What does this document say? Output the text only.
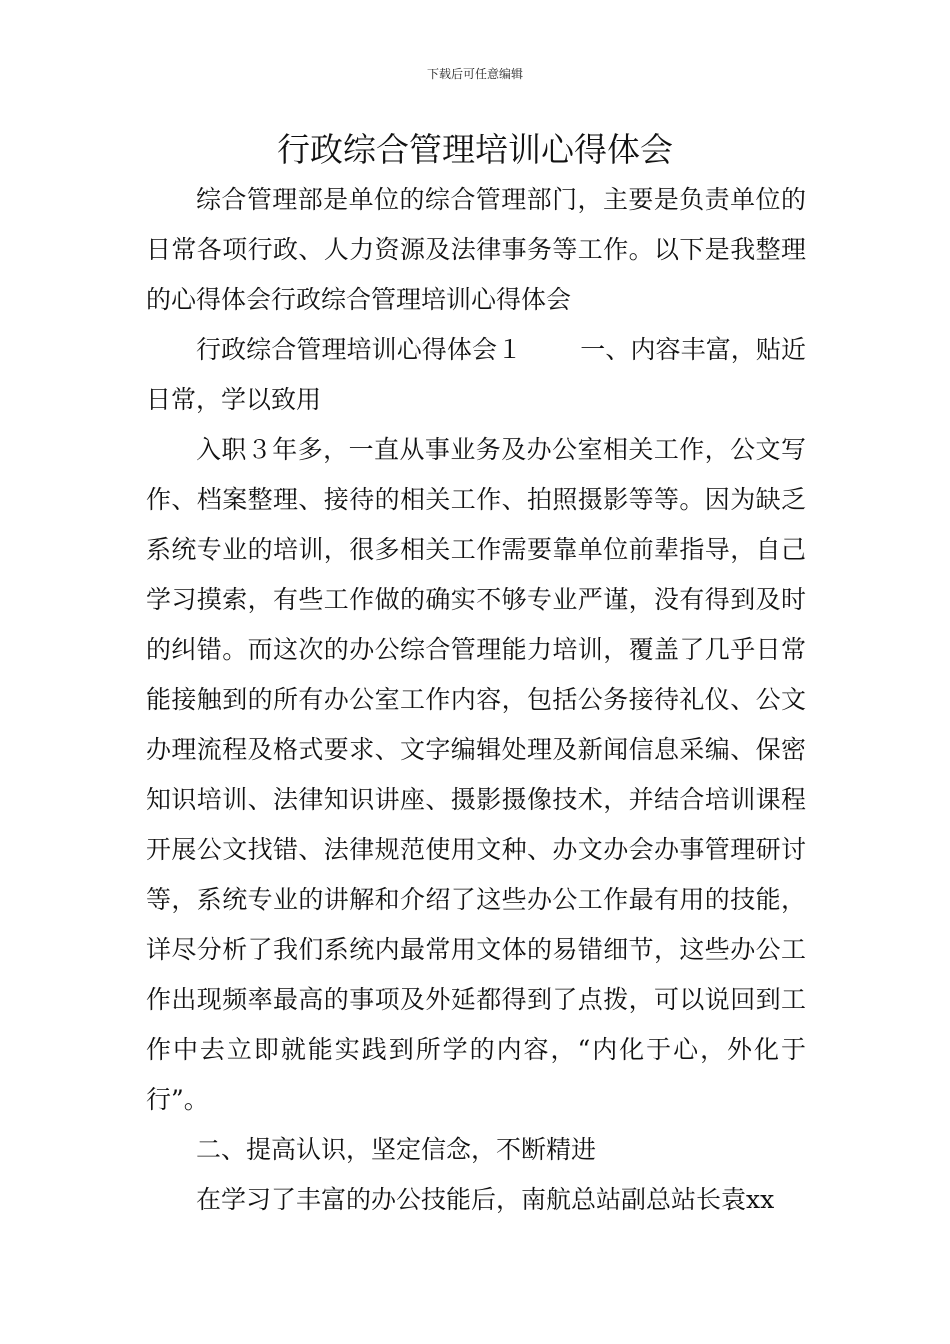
下载后可任意编辑
行政综合管理培训心得体会

综合管理部是单位的综合管理部门，主要是负责单位的日常各项行政、人力资源及法律事务等工作。以下是我整理的心得体会行政综合管理培训心得体会

行政综合管理培训心得体会１ 一、内容丰富，贴近日常，学以致用

入职３年多，一直从事业务及办公室相关工作，公文写作、档案整理、接待的相关工作、拍照摄影等等。因为缺乏系统专业的培训，很多相关工作需要靠单位前辈指导，自己学习摸索，有些工作做的确实不够专业严谨，没有得到及时的纠错。而这次的办公综合管理能力培训，覆盖了几乎日常能接触到的所有办公室工作内容，包括公务接待礼仪、公文办理流程及格式要求、文字编辑处理及新闻信息采编、保密知识培训、法律知识讲座、摄影摄像技术，并结合培训课程开展公文找错、法律规范使用文种、办文办会办事管理研讨等，系统专业的讲解和介绍了这些办公工作最有用的技能，详尽分析了我们系统内最常用文体的易错细节，这些办公工作出现频率最高的事项及外延都得到了点拨，可以说回到工作中去立即就能实践到所学的内容，“内化于心，外化于行”。

二、提高认识，坚定信念，不断精进

在学习了丰富的办公技能后，南航总站副总站长袁xx
